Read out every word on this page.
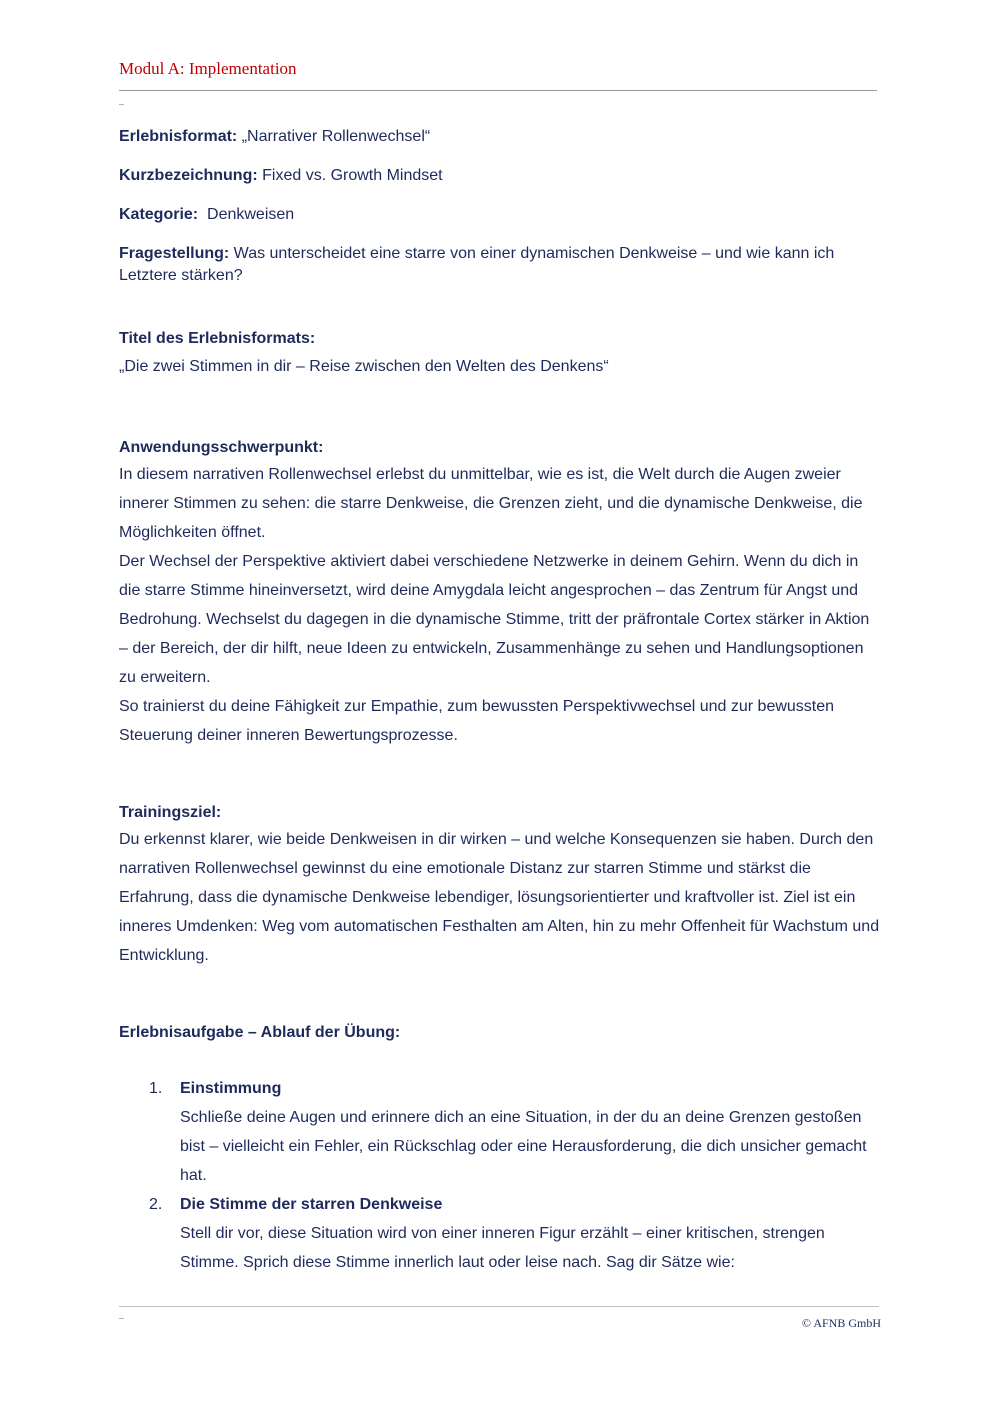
Modul A: Implementation
_

Erlebnisformat: „Narrativer Rollenwechsel“

Kurzbezeichnung: Fixed vs. Growth Mindset

Kategorie:  Denkweisen

Fragestellung: Was unterscheidet eine starre von einer dynamischen Denkweise – und wie kann ich Letztere stärken?

Titel des Erlebnisformats:

„Die zwei Stimmen in dir – Reise zwischen den Welten des Denkens“

Anwendungsschwerpunkt:

In diesem narrativen Rollenwechsel erlebst du unmittelbar, wie es ist, die Welt durch die Augen zweier innerer Stimmen zu sehen: die starre Denkweise, die Grenzen zieht, und die dynamische Denkweise, die Möglichkeiten öffnet.

Der Wechsel der Perspektive aktiviert dabei verschiedene Netzwerke in deinem Gehirn. Wenn du dich in die starre Stimme hineinversetzt, wird deine Amygdala leicht angesprochen – das Zentrum für Angst und Bedrohung. Wechselst du dagegen in die dynamische Stimme, tritt der präfrontale Cortex stärker in Aktion – der Bereich, der dir hilft, neue Ideen zu entwickeln, Zusammenhänge zu sehen und Handlungsoptionen zu erweitern.

So trainierst du deine Fähigkeit zur Empathie, zum bewussten Perspektivwechsel und zur bewussten Steuerung deiner inneren Bewertungsprozesse.

Trainingsziel:

Du erkennst klarer, wie beide Denkweisen in dir wirken – und welche Konsequenzen sie haben. Durch den narrativen Rollenwechsel gewinnst du eine emotionale Distanz zur starren Stimme und stärkst die Erfahrung, dass die dynamische Denkweise lebendiger, lösungsorientierter und kraftvoller ist. Ziel ist ein inneres Umdenken: Weg vom automatischen Festhalten am Alten, hin zu mehr Offenheit für Wachstum und Entwicklung.

Erlebnisaufgabe – Ablauf der Übung:

1. Einstimmung
Schließe deine Augen und erinnere dich an eine Situation, in der du an deine Grenzen gestoßen bist – vielleicht ein Fehler, ein Rückschlag oder eine Herausforderung, die dich unsicher gemacht hat.
2. Die Stimme der starren Denkweise
Stell dir vor, diese Situation wird von einer inneren Figur erzählt – einer kritischen, strengen Stimme. Sprich diese Stimme innerlich laut oder leise nach. Sag dir Sätze wie:
_
© AFNB GmbH
